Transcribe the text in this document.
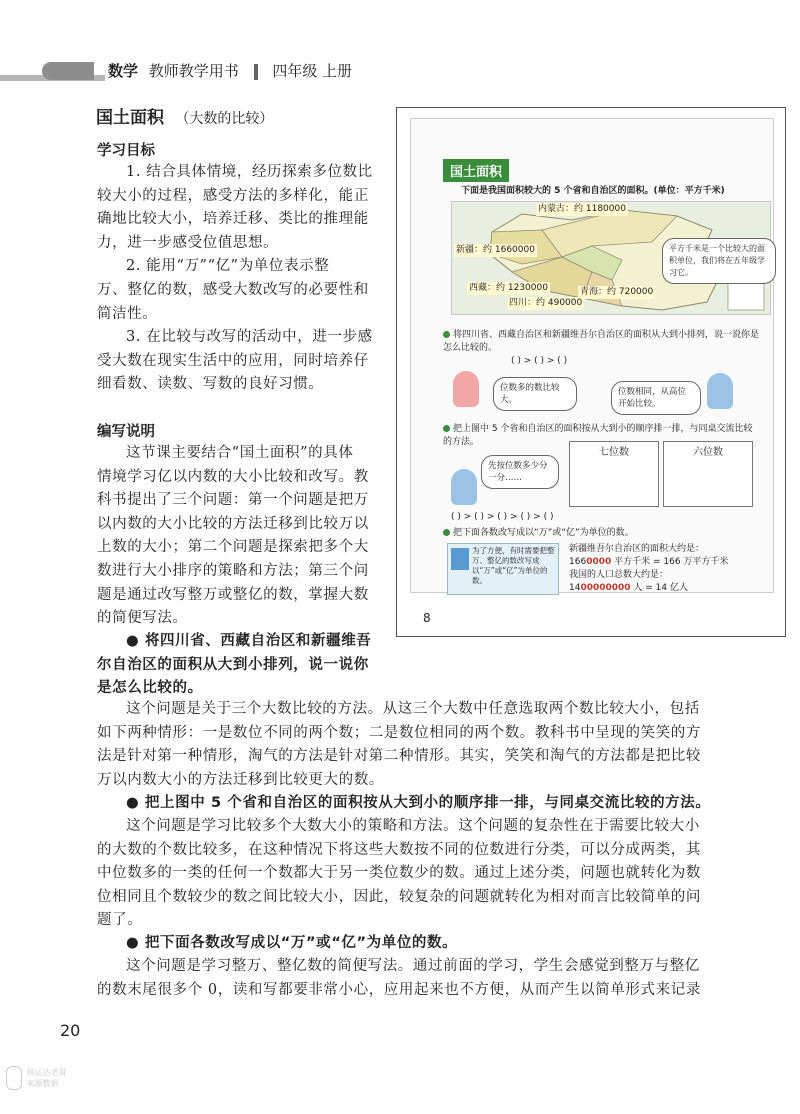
数学 教师教学用书 四年级 上册
国土面积 （大数的比较）
学习目标
1. 结合具体情境，经历探索多位数比
较大小的过程，感受方法的多样化，能正
确地比较大小，培养迁移、类比的推理能
力，进一步感受位值思想。
2. 能用“万”“亿”为单位表示整
万、整亿的数，感受大数改写的必要性和
简洁性。
3. 在比较与改写的活动中，进一步感
受大数在现实生活中的应用，同时培养仔
细看数、读数、写数的良好习惯。
编写说明
这节课主要结合“国土面积”的具体
情境学习亿以内数的大小比较和改写。教
科书提出了三个问题：第一个问题是把万
以内数的大小比较的方法迁移到比较万以
上数的大小；第二个问题是探索把多个大
数进行大小排序的策略和方法；第三个问
题是通过改写整万或整亿的数，掌握大数
的简便写法。
● 将四川省、西藏自治区和新疆维吾
尔自治区的面积从大到小排列，说一说你
是怎么比较的。
这个问题是关于三个大数比较的方法。从这三个大数中任意选取两个数比较大小，包括
如下两种情形：一是数位不同的两个数；二是数位相同的两个数。教科书中呈现的笑笑的方
法是针对第一种情形，淘气的方法是针对第二种情形。其实，笑笑和淘气的方法都是把比较
万以内数大小的方法迁移到比较更大的数。
● 把上图中 5 个省和自治区的面积按从大到小的顺序排一排，与同桌交流比较的方法。
这个问题是学习比较多个大数大小的策略和方法。这个问题的复杂性在于需要比较大小
的大数的个数比较多，在这种情况下将这些大数按不同的位数进行分类，可以分成两类，其
中位数多的一类的任何一个数都大于另一类位数少的数。通过上述分类，问题也就转化为数
位相同且个数较少的数之间比较大小，因此，较复杂的问题就转化为相对而言比较简单的问
题了。
● 把下面各数改写成以“万”或“亿”为单位的数。
这个问题是学习整万、整亿数的简便写法。通过前面的学习，学生会感觉到整万与整亿
的数末尾很多个 0，读和写都要非常小心，应用起来也不方便，从而产生以简单形式来记录
国土面积
下面是我国面积较大的 5 个省和自治区的面积。(单位：平方千米)
内蒙古：约 1180000
新疆：约 1660000
青海：约 720000
平方千米是一个比较大的面积单位，我们将在五年级学习它。
西藏：约 1230000
四川：约 490000
将四川省、西藏自治区和新疆维吾尔自治区的面积从大到小排列，说一说你是怎么比较的。
( ) > ( ) > ( )
位数多的数比较大。
位数相同，从高位开始比较。
把上图中 5 个省和自治区的面积按从大到小的顺序排一排，与同桌交流比较的方法。
先按位数多少分一分……
七位数	六位数
( ) > ( ) > ( ) > ( ) > ( )
把下面各数改写成以“万”或“亿”为单位的数。
为了方便，有时需要把整万、整亿的数改写成以“万”或“亿”为单位的数。
新疆维吾尔自治区的面积大约是：
1660000 平方千米 = 166 万平方千米
我国的人口总数大约是：
1400000000 人 = 14 亿人
8
20
韩运达老哥
来源数据
